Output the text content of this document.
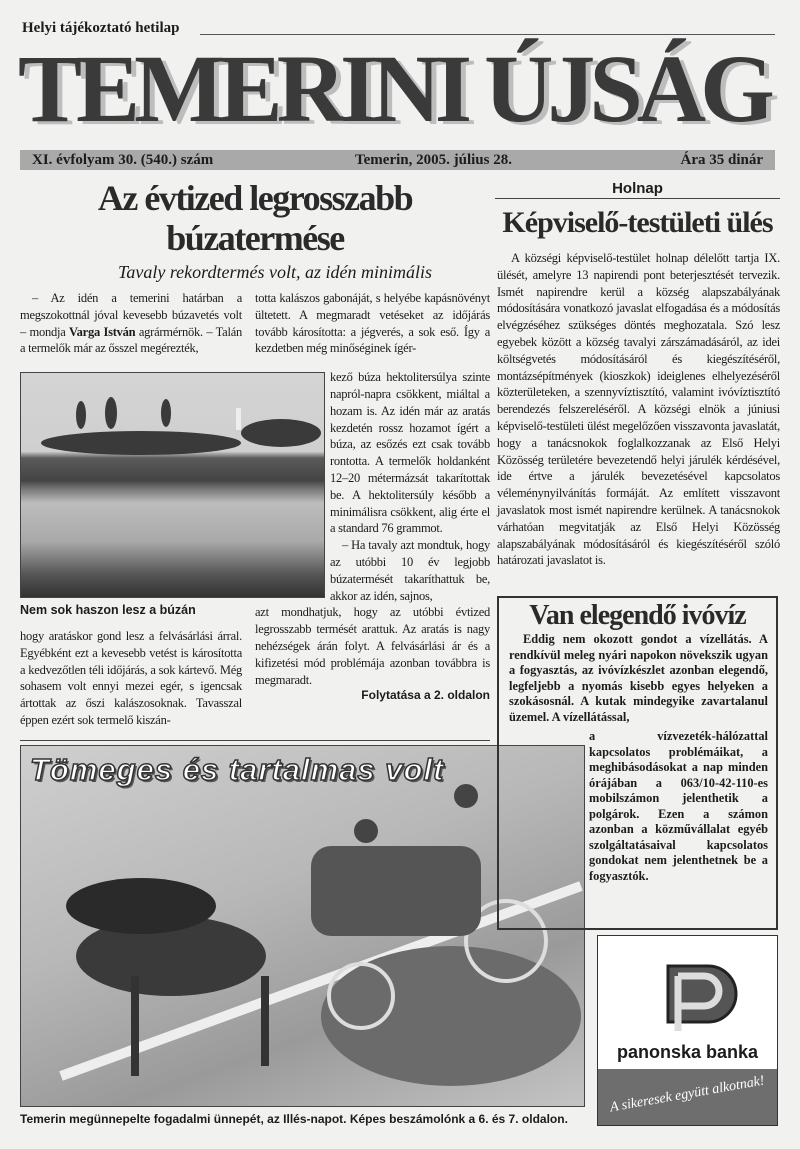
Helyi tájékoztató hetilap
TEMERINI ÚJSÁG
XI. évfolyam 30. (540.) szám	Temerin, 2005. július 28.	Ára 35 dinár
Az évtized legrosszabb búzatermése
Tavaly rekordtermés volt, az idén minimális
– Az idén a temerini határban a megszokottnál jóval kevesebb búzavetés volt – mondja Varga István agrármérnök. – Talán a termelők már az ősszel megérezték,
totta kalászos gabonáját, s helyébe kapásnövényt ültetett. A megmaradt vetéseket az időjárás tovább károsította: a jégverés, a sok eső. Így a kezdetben még minőséginek ígér-
kező búza hektolitersúlya szinte napról-napra csökkent, miáltal a hozam is. Az idén már az aratás kezdetén rossz hozamot ígért a búza, az esőzés ezt csak tovább rontotta. A termelők holdanként 12–20 métermázsát takarítottak be. A hektolitersúly később a minimálisra csökkent, alig érte el a standard 76 grammot.
– Ha tavaly azt mondtuk, hogy az utóbbi 10 év legjobb búzatermését takaríthattuk be, akkor az idén, sajnos,
azt mondhatjuk, hogy az utóbbi évtized legrosszabb termését arattuk. Az aratás is nagy nehézségek árán folyt. A felvásárlási ár és a kifizetési mód problémája azonban továbbra is megmaradt.
Folytatása a 2. oldalon
Nem sok haszon lesz a búzán
hogy aratáskor gond lesz a felvásárlási árral. Egyébként ezt a kevesebb vetést is károsította a kedvezőtlen téli időjárás, a sok kártevő. Még sohasem volt ennyi mezei egér, s igencsak ártottak az őszi kalászosoknak. Tavasszal éppen ezért sok termelő kiszán-
Holnap
Képviselő-testületi ülés
A községi képviselő-testület holnap délelőtt tartja IX. ülését, amelyre 13 napirendi pont beterjesztését tervezik. Ismét napirendre kerül a község alapszabályának módosítására vonatkozó javaslat elfogadása és a módosítás elvégzéséhez szükséges döntés meghozatala. Szó lesz egyebek között a község tavalyi zárszámadásáról, az idei költségvetés módosításáról és kiegészítéséről, montázsépítmények (kioszkok) ideiglenes elhelyezéséről közterületeken, a szennyvíztisztító, valamint ivóvíztisztító berendezés felszereléséről. A községi elnök a júniusi képviselő-testületi ülést megelőzően visszavonta javaslatát, hogy a tanácsnokok foglalkozzanak az Első Helyi Közösség területére bevezetendő helyi járulék kérdésével, ide értve a járulék bevezetésével kapcsolatos véleménynyilvánítás formáját. Az említett visszavont javaslatok most ismét napirendre kerülnek. A tanácsnokok várhatóan megvitatják az Első Helyi Közösség alapszabályának módosításáról és kiegészítéséről szóló határozati javaslatot is.
Tömeges és tartalmas volt
Temerin megünnepelte fogadalmi ünnepét, az Illés-napot. Képes beszámolónk a 6. és 7. oldalon.
Van elegendő ivóvíz
Eddig nem okozott gondot a vízellátás. A rendkívül meleg nyári napokon növekszik ugyan a fogyasztás, az ivóvízkészlet azonban elegendő, legfeljebb a nyomás kisebb egyes helyeken a szokásosnál. A kutak mindegyike zavartalanul üzemel. A vízellátással,
a vízvezeték-hálózattal kapcsolatos problémáikat, a meghibásodásokat a nap minden órájában a 063/10-42-110-es mobilszámon jelenthetik a polgárok. Ezen a számon azonban a közművállalat egyéb szolgáltatásaival kapcsolatos gondokat nem jelenthetnek be a fogyasztók.
panonska banka
A sikeresek együtt alkotnak!
